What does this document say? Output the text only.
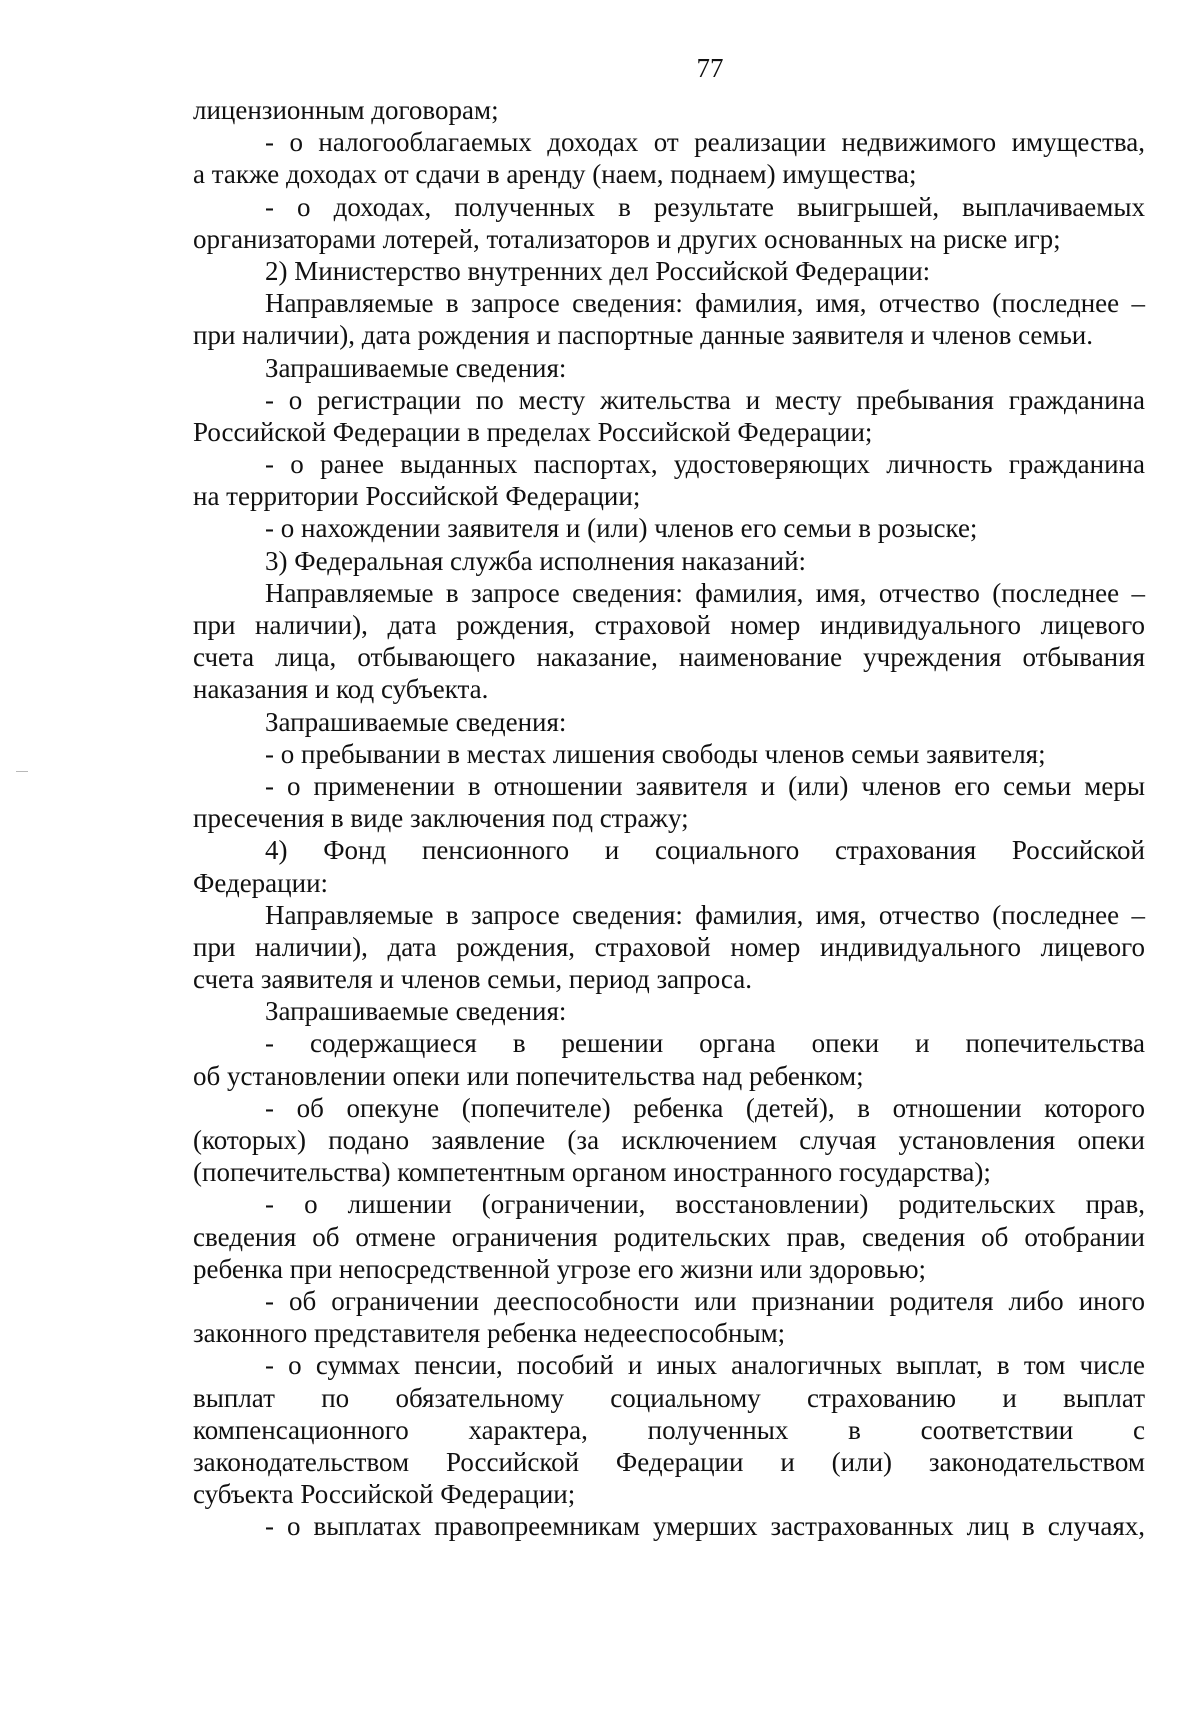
77
лицензионным договорам;
- о налогооблагаемых доходах от реализации недвижимого имущества,
а также доходах от сдачи в аренду (наем, поднаем) имущества;
- о доходах, полученных в результате выигрышей, выплачиваемых
организаторами лотерей, тотализаторов и других основанных на риске игр;
2) Министерство внутренних дел Российской Федерации:
Направляемые в запросе сведения: фамилия, имя, отчество (последнее –
при наличии), дата рождения и паспортные данные заявителя и членов семьи.
Запрашиваемые сведения:
- о регистрации по месту жительства и месту пребывания гражданина
Российской Федерации в пределах Российской Федерации;
- о ранее выданных паспортах, удостоверяющих личность гражданина
на территории Российской Федерации;
- о нахождении заявителя и (или) членов его семьи в розыске;
3) Федеральная служба исполнения наказаний:
Направляемые в запросе сведения: фамилия, имя, отчество (последнее –
при наличии), дата рождения, страховой номер индивидуального лицевого
счета лица, отбывающего наказание, наименование учреждения отбывания
наказания и код субъекта.
Запрашиваемые сведения:
- о пребывании в местах лишения свободы членов семьи заявителя;
- о применении в отношении заявителя и (или) членов его семьи меры
пресечения в виде заключения под стражу;
4) Фонд пенсионного и социального страхования Российской
Федерации:
Направляемые в запросе сведения: фамилия, имя, отчество (последнее –
при наличии), дата рождения, страховой номер индивидуального лицевого
счета заявителя и членов семьи, период запроса.
Запрашиваемые сведения:
- содержащиеся в решении органа опеки и попечительства
об установлении опеки или попечительства над ребенком;
- об опекуне (попечителе) ребенка (детей), в отношении которого
(которых) подано заявление (за исключением случая установления опеки
(попечительства) компетентным органом иностранного государства);
- о лишении (ограничении, восстановлении) родительских прав,
сведения об отмене ограничения родительских прав, сведения об отобрании
ребенка при непосредственной угрозе его жизни или здоровью;
- об ограничении дееспособности или признании родителя либо иного
законного представителя ребенка недееспособным;
- о суммах пенсии, пособий и иных аналогичных выплат, в том числе
выплат по обязательному социальному страхованию и выплат
компенсационного характера, полученных в соответствии с
законодательством Российской Федерации и (или) законодательством
субъекта Российской Федерации;
- о выплатах правопреемникам умерших застрахованных лиц в случаях,
